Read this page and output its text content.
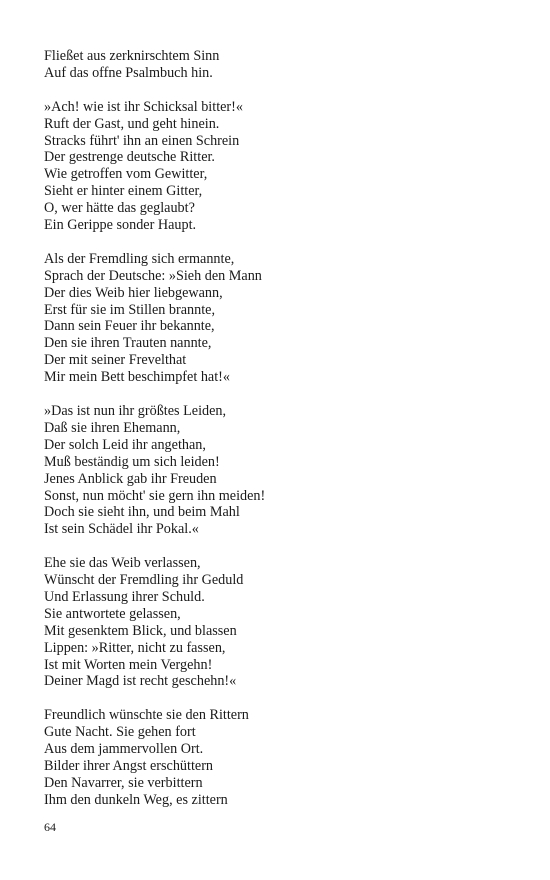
Fließet aus zerknirschtem Sinn
Auf das offne Psalmbuch hin.
»Ach! wie ist ihr Schicksal bitter!«
Ruft der Gast, und geht hinein.
Stracks führt' ihn an einen Schrein
Der gestrenge deutsche Ritter.
Wie getroffen vom Gewitter,
Sieht er hinter einem Gitter,
O, wer hätte das geglaubt?
Ein Gerippe sonder Haupt.
Als der Fremdling sich ermannte,
Sprach der Deutsche: »Sieh den Mann
Der dies Weib hier liebgewann,
Erst für sie im Stillen brannte,
Dann sein Feuer ihr bekannte,
Den sie ihren Trauten nannte,
Der mit seiner Frevelthat
Mir mein Bett beschimpfet hat!«
»Das ist nun ihr größtes Leiden,
Daß sie ihren Ehemann,
Der solch Leid ihr angethan,
Muß beständig um sich leiden!
Jenes Anblick gab ihr Freuden
Sonst, nun möcht' sie gern ihn meiden!
Doch sie sieht ihn, und beim Mahl
Ist sein Schädel ihr Pokal.«
Ehe sie das Weib verlassen,
Wünscht der Fremdling ihr Geduld
Und Erlassung ihrer Schuld.
Sie antwortete gelassen,
Mit gesenktem Blick, und blassen
Lippen: »Ritter, nicht zu fassen,
Ist mit Worten mein Vergehn!
Deiner Magd ist recht geschehn!«
Freundlich wünschte sie den Rittern
Gute Nacht. Sie gehen fort
Aus dem jammervollen Ort.
Bilder ihrer Angst erschüttern
Den Navarrer, sie verbittern
Ihm den dunkeln Weg, es zittern
64
